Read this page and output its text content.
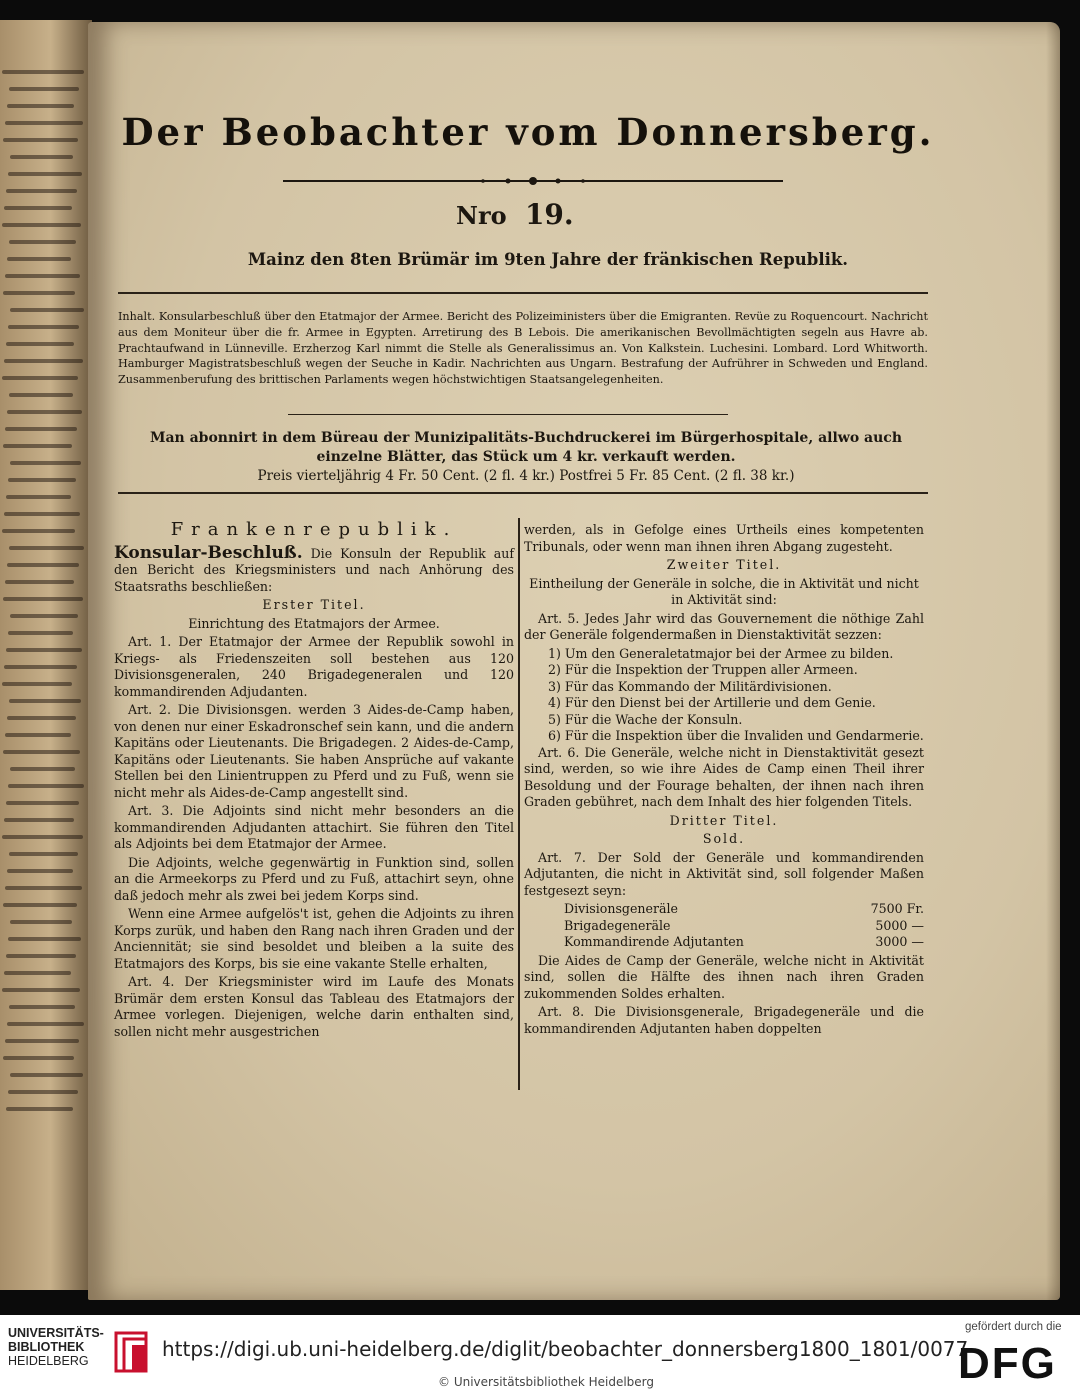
Der Beobachter vom Donnersberg.
Nro 19.
Mainz den 8ten Brümär im 9ten Jahre der fränkischen Republik.
Inhalt. Konsularbeschluß über den Etatmajor der Armee. Bericht des Polizeiministers über die Emigranten. Revüe zu Roquencourt. Nachricht aus dem Moniteur über die fr. Armee in Egypten. Arretirung des B Lebois. Die amerikanischen Bevollmächtigten segeln aus Havre ab. Prachtaufwand in Lünneville. Erzherzog Karl nimmt die Stelle als Generalissimus an. Von Kalkstein. Luchesini. Lombard. Lord Whitworth. Hamburger Magistratsbeschluß wegen der Seuche in Kadir. Nachrichten aus Ungarn. Bestrafung der Aufrührer in Schweden und England. Zusammenberufung des brittischen Parlaments wegen höchstwichtigen Staatsangelegenheiten.
Man abonnirt in dem Büreau der Munizipalitäts-Buchdruckerei im Bürgerhospitale, allwo auch
einzelne Blätter, das Stück um 4 kr. verkauft werden.
Preis vierteljährig 4 Fr. 50 Cent. (2 fl. 4 kr.) Postfrei 5 Fr. 85 Cent. (2 fl. 38 kr.)

Frankenrepublik.

Konsular-Beschluß. Die Konsuln der Republik auf den Bericht des Kriegsministers und nach Anhörung des Staatsraths beschließen:

Erster Titel.

Einrichtung des Etatmajors der Armee.

Art. 1. Der Etatmajor der Armee der Republik sowohl in Kriegs- als Friedenszeiten soll bestehen aus 120 Divisionsgeneralen, 240 Brigadegeneralen und 120 kommandirenden Adjudanten.

Art. 2. Die Divisionsgen. werden 3 Aides-de-Camp haben, von denen nur einer Eskadronschef sein kann, und die andern Kapitäns oder Lieutenants. Die Brigadegen. 2 Aides-de-Camp, Kapitäns oder Lieutenants. Sie haben Ansprüche auf vakante Stellen bei den Linientruppen zu Pferd und zu Fuß, wenn sie nicht mehr als Aides-de-Camp angestellt sind.

Art. 3. Die Adjoints sind nicht mehr besonders an die kommandirenden Adjudanten attachirt. Sie führen den Titel als Adjoints bei dem Etatmajor der Armee.

Die Adjoints, welche gegenwärtig in Funktion sind, sollen an die Armeekorps zu Pferd und zu Fuß, attachirt seyn, ohne daß jedoch mehr als zwei bei jedem Korps sind.

Wenn eine Armee aufgelös't ist, gehen die Adjoints zu ihren Korps zurük, und haben den Rang nach ihren Graden und der Anciennität; sie sind besoldet und bleiben a la suite des Etatmajors des Korps, bis sie eine vakante Stelle erhalten,

Art. 4. Der Kriegsminister wird im Laufe des Monats Brümär dem ersten Konsul das Tableau des Etatmajors der Armee vorlegen. Diejenigen, welche darin enthalten sind, sollen nicht mehr ausgestrichen

werden, als in Gefolge eines Urtheils eines kompetenten Tribunals, oder wenn man ihnen ihren Abgang zugesteht.

Zweiter Titel.

Eintheilung der Generäle in solche, die in Aktivität und nicht in Aktivität sind:

Art. 5. Jedes Jahr wird das Gouvernement die nöthige Zahl der Generäle folgendermaßen in Dienstaktivität sezzen:

1) Um den Generaletatmajor bei der Armee zu bilden.
2) Für die Inspektion der Truppen aller Armeen.
3) Für das Kommando der Militärdivisionen.
4) Für den Dienst bei der Artillerie und dem Genie.
5) Für die Wache der Konsuln.
6) Für die Inspektion über die Invaliden und Gendarmerie.

Art. 6. Die Generäle, welche nicht in Dienstaktivität gesezt sind, werden, so wie ihre Aides de Camp einen Theil ihrer Besoldung und der Fourage behalten, der ihnen nach ihren Graden gebühret, nach dem Inhalt des hier folgenden Titels.

Dritter Titel.

Sold.

Art. 7. Der Sold der Generäle und kommandirenden Adjutanten, die nicht in Aktivität sind, soll folgender Maßen festgesezt seyn:

Divisionsgeneräle	7500 Fr.
Brigadegeneräle	5000 —
Kommandirende Adjutanten	3000 —

Die Aides de Camp der Generäle, welche nicht in Aktivität sind, sollen die Hälfte des ihnen nach ihren Graden zukommenden Soldes erhalten.

Art. 8. Die Divisionsgenerale, Brigadegeneräle und die kommandirenden Adjutanten haben doppelten

UNIVERSITÄTS-
BIBLIOTHEK
HEIDELBERG	https://digi.ub.uni-heidelberg.de/diglit/beobachter_donnersberg1800_1801/0077
© Universitätsbibliothek Heidelberg
gefördert durch die
DFG
